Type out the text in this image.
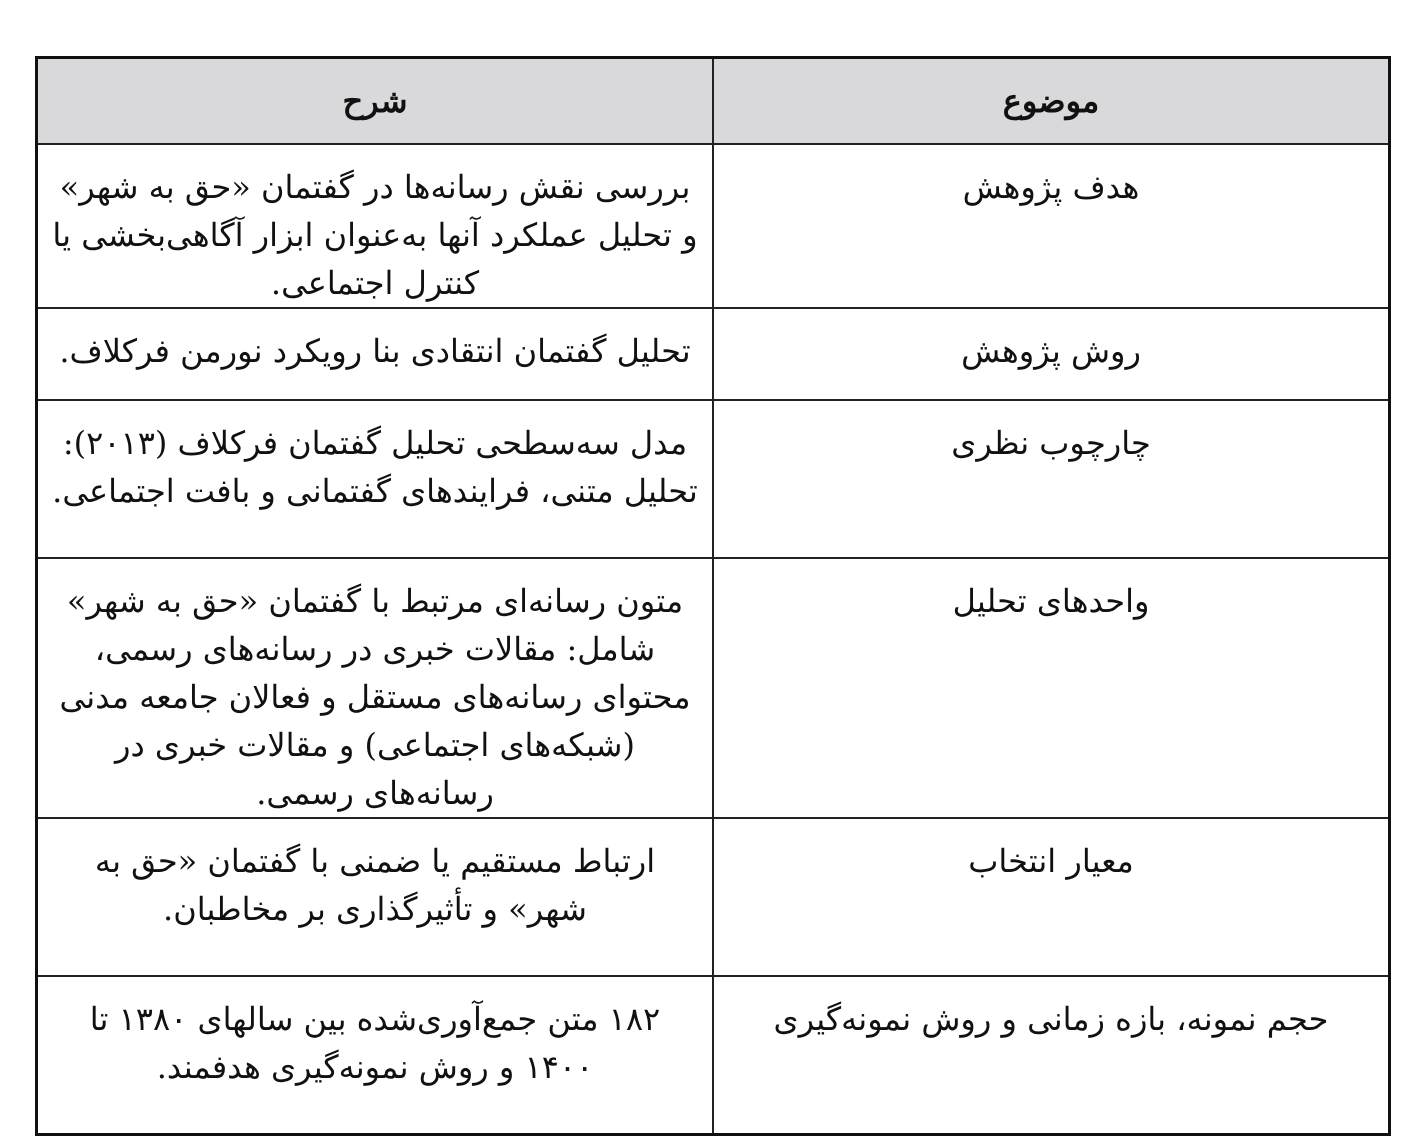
موضوع	شرح
هدف پژوهش	بررسی نقش رسانه‌ها در گفتمان «حق به شهر» و تحلیل عملکرد آنها به‌عنوان ابزار آگاهی‌بخشی یا کنترل اجتماعی.
روش پژوهش	تحلیل گفتمان انتقادی بنا رویکرد نورمن فرکلاف.
چارچوب نظری	مدل سه‌سطحی تحلیل گفتمان فرکلاف (۲۰۱۳): تحلیل متنی، فرایندهای گفتمانی و بافت اجتماعی.
واحدهای تحلیل	متون رسانه‌ای مرتبط با گفتمان «حق به شهر» شامل: مقالات خبری در رسانه‌های رسمی، محتوای رسانه‌های مستقل و فعالان جامعه مدنی (شبکه‌های اجتماعی) و مقالات خبری در رسانه‌های رسمی.
معیار انتخاب	ارتباط مستقیم یا ضمنی با گفتمان «حق به شهر» و تأثیرگذاری بر مخاطبان.
حجم نمونه، بازه زمانی و روش نمونه‌گیری	۱۸۲ متن جمع‌آوری‌شده بین سالهای ۱۳۸۰ تا ۱۴۰۰ و روش نمونه‌گیری هدفمند.
